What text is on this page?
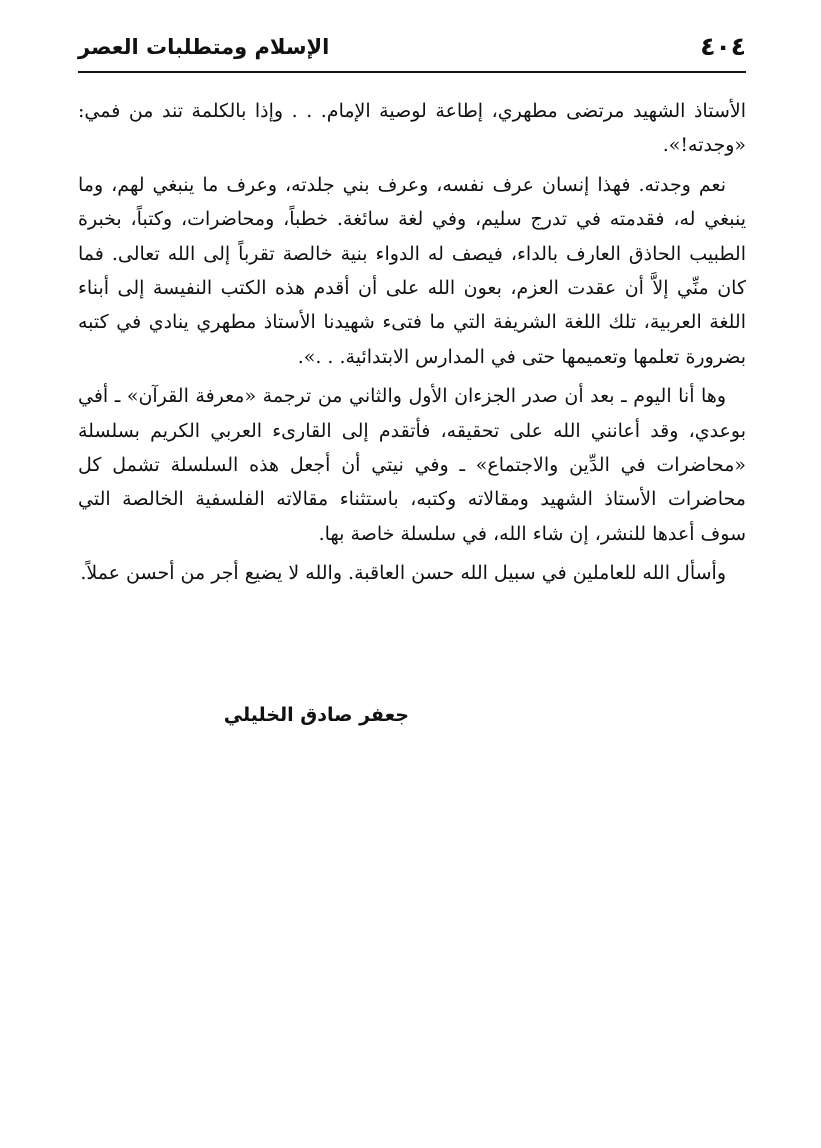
٤٠٤
الإسلام ومتطلبات العصر

الأستاذ الشهيد مرتضى مطهري، إطاعة لوصية الإمام. . . وإذا بالكلمة تند من فمي: «وجدته!».

نعم وجدته. فهذا إنسان عرف نفسه، وعرف بني جلدته، وعرف ما ينبغي لهم، وما ينبغي له، فقدمته في تدرج سليم، وفي لغة سائغة. خطباً، ومحاضرات، وكتباً، بخبرة الطبيب الحاذق العارف بالداء، فيصف له الدواء بنية خالصة تقرباً إلى الله تعالى. فما كان منِّي إلاَّ أن عقدت العزم، بعون الله على أن أقدم هذه الكتب النفيسة إلى أبناء اللغة العربية، تلك اللغة الشريفة التي ما فتىء شهيدنا الأستاذ مطهري ينادي في كتبه بضرورة تعلمها وتعميمها حتى في المدارس الابتدائية. . .».

وها أنا اليوم ـ بعد أن صدر الجزءان الأول والثاني من ترجمة «معرفة القرآن» ـ أفي بوعدي، وقد أعانني الله على تحقيقه، فأتقدم إلى القارىء العربي الكريم بسلسلة «محاضرات في الدِّين والاجتماع» ـ وفي نيتي أن أجعل هذه السلسلة تشمل كل محاضرات الأستاذ الشهيد ومقالاته وكتبه، باستثناء مقالاته الفلسفية الخالصة التي سوف أعدها للنشر، إن شاء الله، في سلسلة خاصة بها.

وأسأل الله للعاملين في سبيل الله حسن العاقبة. والله لا يضيع أجر من أحسن عملاً.

جعفر صادق الخليلي
